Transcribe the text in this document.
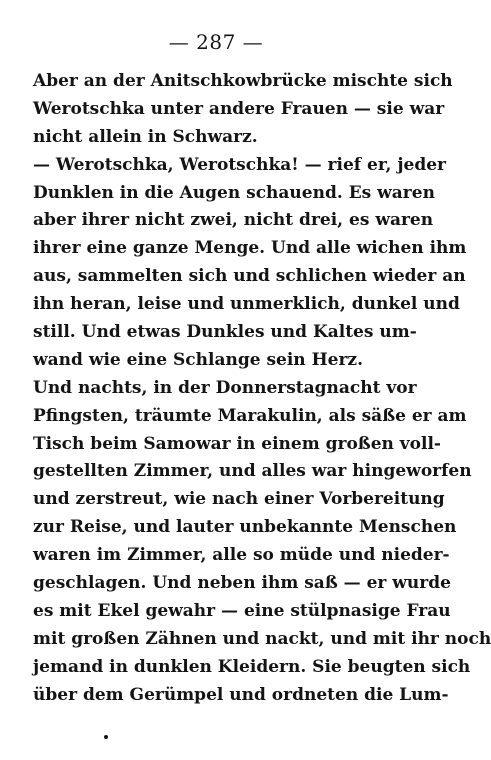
— 287 —
Aber an der Anitschkowbrücke mischte sich
Werotschka unter andere Frauen — sie war
nicht allein in Schwarz.
— Werotschka, Werotschka! — rief er, jeder
Dunklen in die Augen schauend. Es waren
aber ihrer nicht zwei, nicht drei, es waren
ihrer eine ganze Menge. Und alle wichen ihm
aus, sammelten sich und schlichen wieder an
ihn heran, leise und unmerklich, dunkel und
still. Und etwas Dunkles und Kaltes um-
wand wie eine Schlange sein Herz.
Und nachts, in der Donnerstagnacht vor
Pfingsten, träumte Marakulin, als säße er am
Tisch beim Samowar in einem großen voll-
gestellten Zimmer, und alles war hingeworfen
und zerstreut, wie nach einer Vorbereitung
zur Reise, und lauter unbekannte Menschen
waren im Zimmer, alle so müde und nieder-
geschlagen. Und neben ihm saß — er wurde
es mit Ekel gewahr — eine stülpnasige Frau
mit großen Zähnen und nackt, und mit ihr noch
jemand in dunklen Kleidern. Sie beugten sich
über dem Gerümpel und ordneten die Lum-
